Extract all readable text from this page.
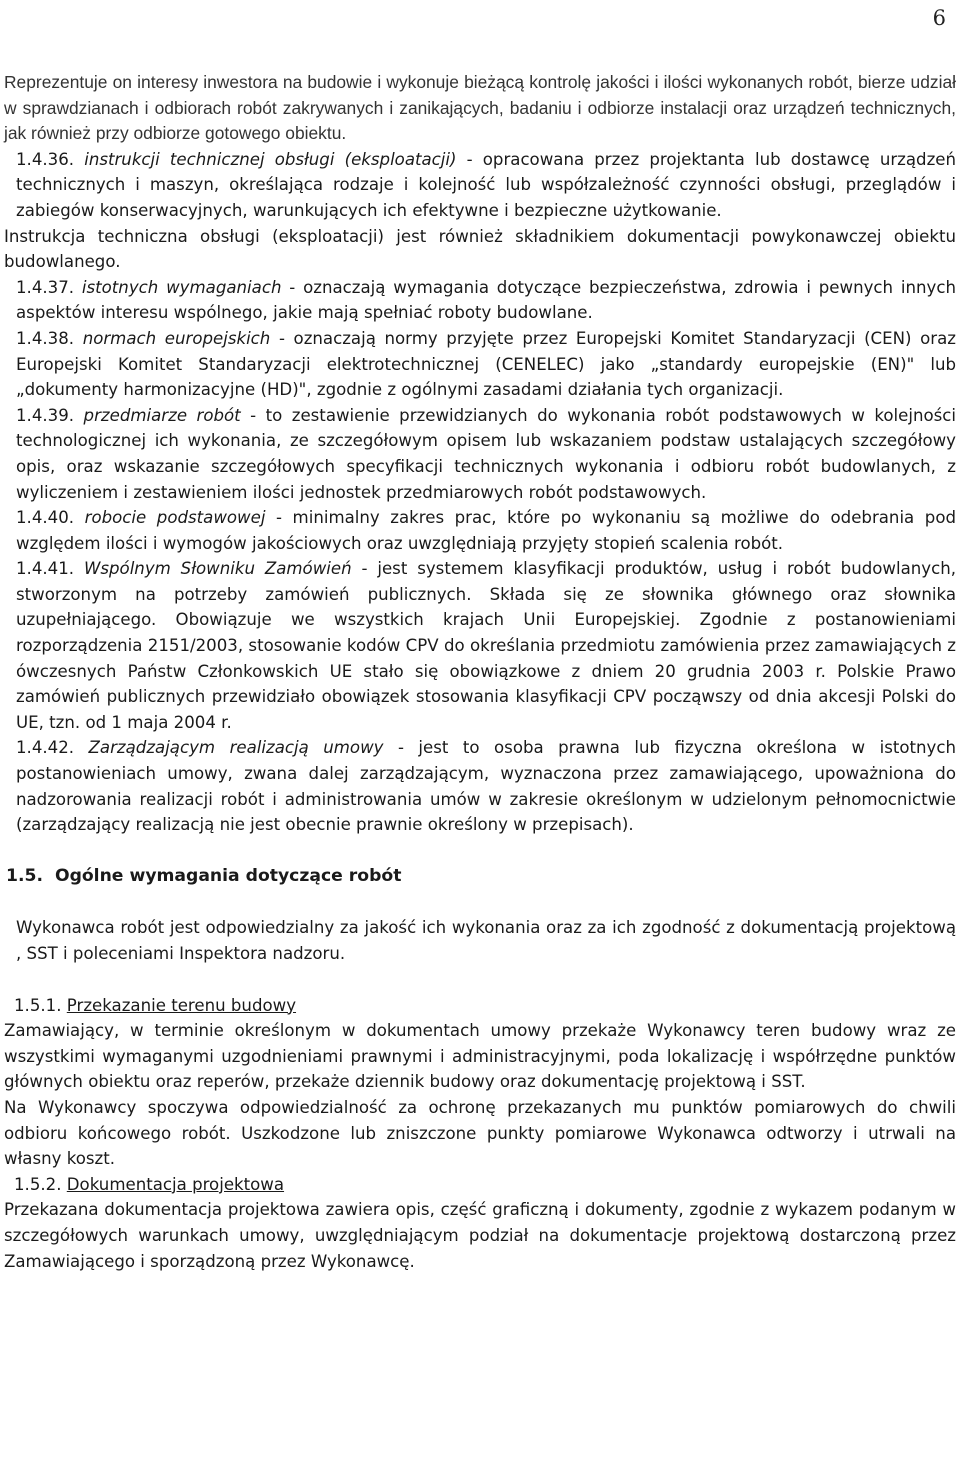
6

Reprezentuje on interesy inwestora na budowie i wykonuje bieżącą kontrolę jakości i ilości wykonanych robót, bierze udział w sprawdzianach i odbiorach robót zakrywanych i zanikających, badaniu i odbiorze instalacji oraz urządzeń technicznych, jak również przy odbiorze gotowego obiektu.

1.4.36. instrukcji technicznej obsługi (eksploatacji) - opracowana przez projektanta lub dostawcę urządzeń technicznych i maszyn, określająca rodzaje i kolejność lub współzależność czynności obsługi, przeglądów i zabiegów konserwacyjnych, warunkujących ich efektywne i bezpieczne użytkowanie.

Instrukcja techniczna obsługi (eksploatacji) jest również składnikiem dokumentacji powykonawczej obiektu budowlanego.

1.4.37. istotnych wymaganiach - oznaczają wymagania dotyczące bezpieczeństwa, zdrowia i pewnych innych aspektów interesu wspólnego, jakie mają spełniać roboty budowlane.

1.4.38. normach europejskich - oznaczają normy przyjęte przez Europejski Komitet Standaryzacji (CEN) oraz Europejski Komitet Standaryzacji elektrotechnicznej (CENELEC) jako „standardy europejskie (EN)" lub „dokumenty harmonizacyjne (HD)", zgodnie z ogólnymi zasadami działania tych organizacji.

1.4.39. przedmiarze robót - to zestawienie przewidzianych do wykonania robót podstawowych w kolejności technologicznej ich wykonania, ze szczegółowym opisem lub wskazaniem podstaw ustalających szczegółowy opis, oraz wskazanie szczegółowych specyfikacji technicznych wykonania i odbioru robót budowlanych, z wyliczeniem i zestawieniem ilości jednostek przedmiarowych robót podstawowych.

1.4.40. robocie podstawowej - minimalny zakres prac, które po wykonaniu są możliwe do odebrania pod względem ilości i wymogów jakościowych oraz uwzględniają przyjęty stopień scalenia robót.

1.4.41. Wspólnym Słowniku Zamówień - jest systemem klasyfikacji produktów, usług i robót budowlanych, stworzonym na potrzeby zamówień publicznych. Składa się ze słownika głównego oraz słownika uzupełniającego. Obowiązuje we wszystkich krajach Unii Europejskiej. Zgodnie z postanowieniami rozporządzenia 2151/2003, stosowanie kodów CPV do określania przedmiotu zamówienia przez zamawiających z ówczesnych Państw Członkowskich UE stało się obowiązkowe z dniem 20 grudnia 2003 r. Polskie Prawo zamówień publicznych przewidziało obowiązek stosowania klasyfikacji CPV począwszy od dnia akcesji Polski do UE, tzn. od 1 maja 2004 r.

1.4.42. Zarządzającym realizacją umowy - jest to osoba prawna lub fizyczna określona w istotnych postanowieniach umowy, zwana dalej zarządzającym, wyznaczona przez zamawiającego, upoważniona do nadzorowania realizacji robót i administrowania umów w zakresie określonym w udzielonym pełnomocnictwie (zarządzający realizacją nie jest obecnie prawnie określony w przepisach).

1.5. Ogólne wymagania dotyczące robót

Wykonawca robót jest odpowiedzialny za jakość ich wykonania oraz za ich zgodność z dokumentacją projektową , SST i poleceniami Inspektora nadzoru.

1.5.1. Przekazanie terenu budowy

Zamawiający, w terminie określonym w dokumentach umowy przekaże Wykonawcy teren budowy wraz ze wszystkimi wymaganymi uzgodnieniami prawnymi i administracyjnymi, poda lokalizację i współrzędne punktów głównych obiektu oraz reperów, przekaże dziennik budowy oraz dokumentację projektową i SST.

Na Wykonawcy spoczywa odpowiedzialność za ochronę przekazanych mu punktów pomiarowych do chwili odbioru końcowego robót. Uszkodzone lub zniszczone punkty pomiarowe Wykonawca odtworzy i utrwali na własny koszt.

1.5.2. Dokumentacja projektowa

Przekazana dokumentacja projektowa zawiera opis, część graficzną i dokumenty, zgodnie z wykazem podanym w szczegółowych warunkach umowy, uwzględniającym podział na dokumentacje projektową dostarczoną przez Zamawiającego i sporządzoną przez Wykonawcę.
